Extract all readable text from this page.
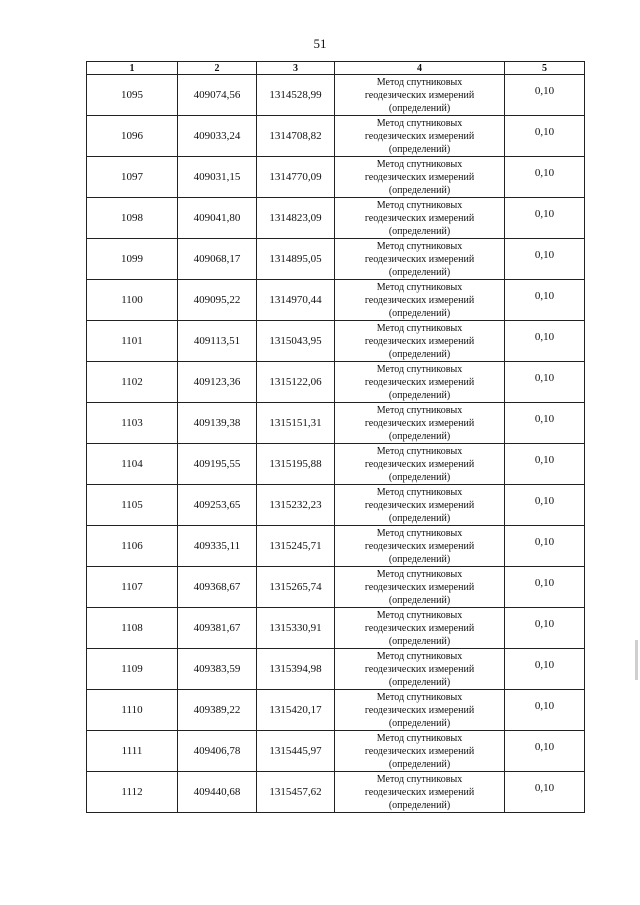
51
1	2	3	4	5
1095	409074,56	1314528,99	Метод спутниковых
геодезических измерений
(определений)	0,10
1096	409033,24	1314708,82	Метод спутниковых
геодезических измерений
(определений)	0,10
1097	409031,15	1314770,09	Метод спутниковых
геодезических измерений
(определений)	0,10
1098	409041,80	1314823,09	Метод спутниковых
геодезических измерений
(определений)	0,10
1099	409068,17	1314895,05	Метод спутниковых
геодезических измерений
(определений)	0,10
1100	409095,22	1314970,44	Метод спутниковых
геодезических измерений
(определений)	0,10
1101	409113,51	1315043,95	Метод спутниковых
геодезических измерений
(определений)	0,10
1102	409123,36	1315122,06	Метод спутниковых
геодезических измерений
(определений)	0,10
1103	409139,38	1315151,31	Метод спутниковых
геодезических измерений
(определений)	0,10
1104	409195,55	1315195,88	Метод спутниковых
геодезических измерений
(определений)	0,10
1105	409253,65	1315232,23	Метод спутниковых
геодезических измерений
(определений)	0,10
1106	409335,11	1315245,71	Метод спутниковых
геодезических измерений
(определений)	0,10
1107	409368,67	1315265,74	Метод спутниковых
геодезических измерений
(определений)	0,10
1108	409381,67	1315330,91	Метод спутниковых
геодезических измерений
(определений)	0,10
1109	409383,59	1315394,98	Метод спутниковых
геодезических измерений
(определений)	0,10
1110	409389,22	1315420,17	Метод спутниковых
геодезических измерений
(определений)	0,10
1111	409406,78	1315445,97	Метод спутниковых
геодезических измерений
(определений)	0,10
1112	409440,68	1315457,62	Метод спутниковых
геодезических измерений
(определений)	0,10
